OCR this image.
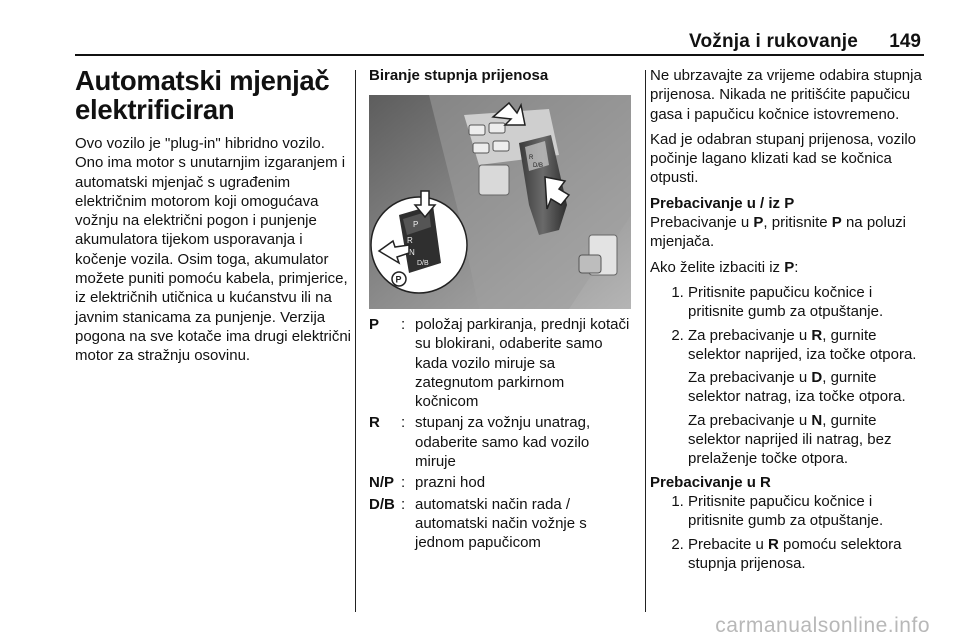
Vožnja i rukovanje 149
Automatski mjenjač elektrificiran

Ovo vozilo je "plug-in" hibridno vozilo. Ono ima motor s unutarnjim izgaranjem i automatski mjenjač s ugrađenim električnim motorom koji omogućava vožnju na električni pogon i punjenje akumulatora tijekom usporavanja i kočenje vozila. Osim toga, akumulator možete puniti pomoću kabela, primjerice, iz električnih utičnica u kućanstvu ili na javnim stanicama za punjenje. Verzija pogona na sve kotače ima drugi električni motor za stražnju osovinu.

Biranje stupnja prijenosa
R
D/B
P
R
N
D/B
P
P	: položaj parkiranja, prednji kotači su blokirani, odaberite samo kada vozilo miruje sa zategnutom parkirnom kočnicom
R	: stupanj za vožnju unatrag, odaberite samo kad vozilo miruje
N/P : prazni hod
D/B : automatski način rada / automatski način vožnje s jednom papučicom

Ne ubrzavajte za vrijeme odabira stupnja prijenosa. Nikada ne pritišćite papučicu gasa i papučicu kočnice istovremeno.

Kad je odabran stupanj prijenosa, vozilo počinje lagano klizati kad se kočnica otpusti.

Prebacivanje u / iz P

Prebacivanje u P, pritisnite P na poluzi mjenjača.

Ako želite izbaciti iz P:

1. Pritisnite papučicu kočnice i pritisnite gumb za otpuštanje.

2. Za prebacivanje u R, gurnite selektor naprijed, iza točke otpora.

Za prebacivanje u D, gurnite selektor natrag, iza točke otpora.

Za prebacivanje u N, gurnite selektor naprijed ili natrag, bez prelaženje točke otpora.

Prebacivanje u R

1. Pritisnite papučicu kočnice i pritisnite gumb za otpuštanje.

2. Prebacite u R pomoću selektora stupnja prijenosa.

carmanualsonline.info
